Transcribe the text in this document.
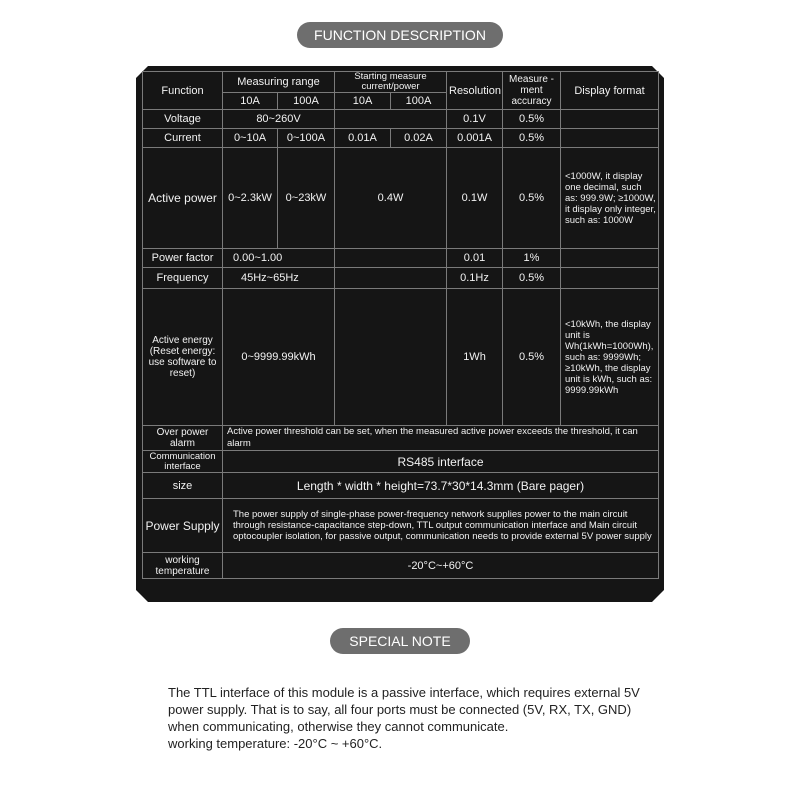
FUNCTION DESCRIPTION
Function	Measuring range		Starting measure current/power		Resolution	Measure -ment accuracy	Display format
	10A	100A	10A	100A			
Voltage	80~260V				0.1V	0.5%	
Current	0~10A	0~100A	0.01A	0.02A	0.001A	0.5%	
Active power	0~2.3kW	0~23kW	0.4W		0.1W	0.5%	<1000W, it display one decimal, such as: 999.9W; ≥1000W, it display only integer, such as: 1000W
Power factor	0.00~1.00				0.01	1%	
Frequency	45Hz~65Hz				0.1Hz	0.5%	
Active energy (Reset energy: use software to reset)	0~9999.99kWh				1Wh	0.5%	<10kWh, the display unit is Wh(1kWh=1000Wh), such as: 9999Wh; ≥10kWh, the display unit is kWh, such as: 9999.99kWh
Over power alarm	Active power threshold can be set, when the measured active power exceeds the threshold, it can alarm						
Communication interface	RS485 interface						
size	Length * width * height=73.7*30*14.3mm (Bare pager)						
Power Supply	The power supply of single-phase power-frequency network supplies power to the main circuit through resistance-capacitance step-down, TTL output communication interface and Main circuit optocoupler isolation, for passive output, communication needs to provide external 5V power supply						
working temperature	-20°C~+60°C						
SPECIAL NOTE

The TTL interface of this module is a passive interface, which requires external 5V power supply. That is to say, all four ports must be connected (5V, RX, TX, GND) when communicating, otherwise they cannot communicate.

working temperature: -20°C ~ +60°C.
